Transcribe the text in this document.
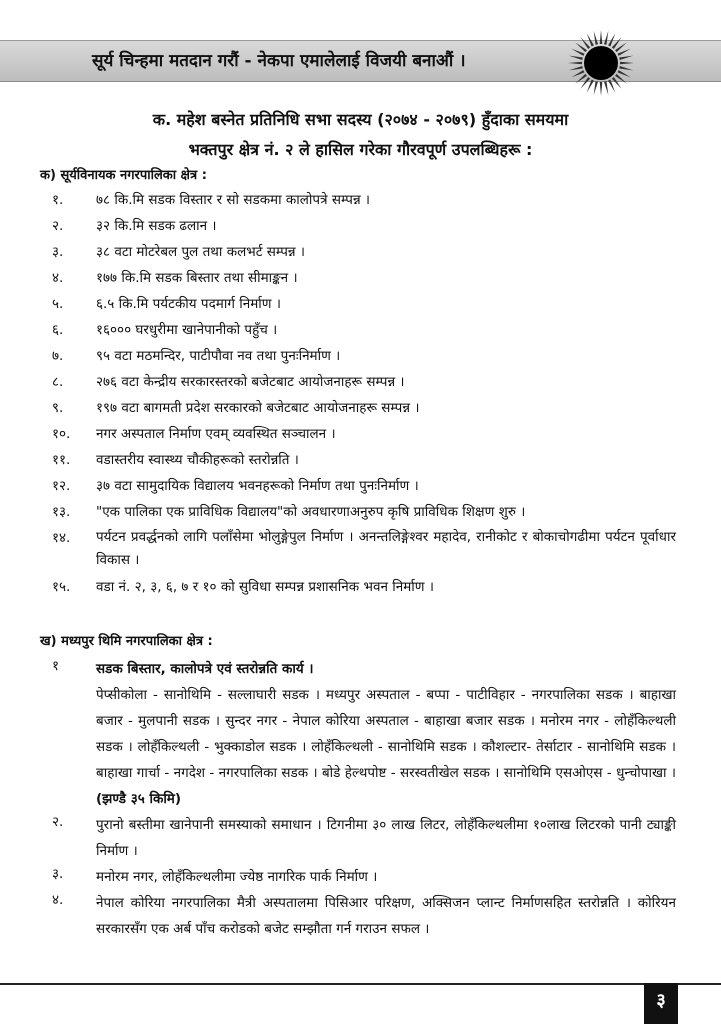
सूर्य चिन्हमा मतदान गरौं - नेकपा एमालेलाई विजयी बनाऔं ।
क. महेश बस्नेत प्रतिनिधि सभा सदस्य (२०७४ - २०७९) हुँदाका समयमा
भक्तपुर क्षेत्र नं. २ ले हासिल गरेका गौरवपूर्ण उपलब्धिहरू :
क) सूर्यविनायक नगरपालिका क्षेत्र :
१.	७८ कि.मि सडक विस्तार र सो सडकमा कालोपत्रे सम्पन्न ।
२.	३२ कि.मि सडक ढलान ।
३.	३८ वटा मोटरेबल पुल तथा कलभर्ट सम्पन्न ।
४.	१७७ कि.मि सडक बिस्तार तथा सीमाङ्कन ।
५.	६.५ कि.मि पर्यटकीय पदमार्ग निर्माण ।
६.	१६००० घरधुरीमा खानेपानीको पहुँच ।
७.	९५ वटा मठमन्दिर, पाटीपौवा नव तथा पुनःनिर्माण ।
८.	२७६ वटा केन्द्रीय सरकारस्तरको बजेटबाट आयोजनाहरू सम्पन्न ।
९.	१९७ वटा बागमती प्रदेश सरकारको बजेटबाट आयोजनाहरू सम्पन्न ।
१०.	नगर अस्पताल निर्माण एवम् व्यवस्थित सञ्चालन ।
११.	वडास्तरीय स्वास्थ्य चौकीहरूको स्तरोन्नति ।
१२.	३७ वटा सामुदायिक विद्यालय भवनहरूको निर्माण तथा पुनःनिर्माण ।
१३.	"एक पालिका एक प्राविधिक विद्यालय"को अवधारणाअनुरुप कृषि प्राविधिक शिक्षण शुरु ।
१४.	पर्यटन प्रवर्द्धनको लागि पलाँसेमा भोलुङ्गेपुल निर्माण । अनन्तलिङ्गेश्वर महादेव, रानीकोट र बोकाचोगढीमा पर्यटन पूर्वाधार विकास ।
१५.	वडा नं. २, ३, ६, ७ र १० को सुविधा सम्पन्न प्रशासनिक भवन निर्माण ।
ख) मध्यपुर थिमि नगरपालिका क्षेत्र :
१	सडक बिस्तार, कालोपत्रे एवं स्तरोन्नति कार्य ।
पेप्सीकोला - सानोथिमि - सल्लाघारी सडक । मध्यपुर अस्पताल - बप्पा - पाटीविहार - नगरपालिका सडक । बाहाखा बजार - मुलपानी सडक । सुन्दर नगर - नेपाल कोरिया अस्पताल - बाहाखा बजार सडक । मनोरम नगर - लोहँकिल्थली सडक । लोहँकिल्थली - भुक्काडोल सडक । लोहँकिल्थली - सानोथिमि सडक । कौशल्टार- तेर्साटार - सानोथिमि सडक । बाहाखा गार्चा - नगदेश - नगरपालिका सडक । बोडे हेल्थपोष्ट - सरस्वतीखेल सडक । सानोथिमि एसओएस - धुन्चोपाखा । (झण्डै ३५ किमि)
२. पुरानो बस्तीमा खानेपानी समस्याको समाधान । टिगनीमा ३० लाख लिटर, लोहँकिल्थलीमा १०लाख लिटरको पानी ट्याङ्की निर्माण ।
३. मनोरम नगर, लोहँकिल्थलीमा ज्येष्ठ नागरिक पार्क निर्माण ।
४. नेपाल कोरिया नगरपालिका मैत्री अस्पतालमा पिसिआर परिक्षण, अक्सिजन प्लान्ट निर्माणसहित स्तरोन्नति । कोरियन सरकारसँग एक अर्ब पाँच करोडको बजेट सम्झौता गर्न गराउन सफल ।
३
